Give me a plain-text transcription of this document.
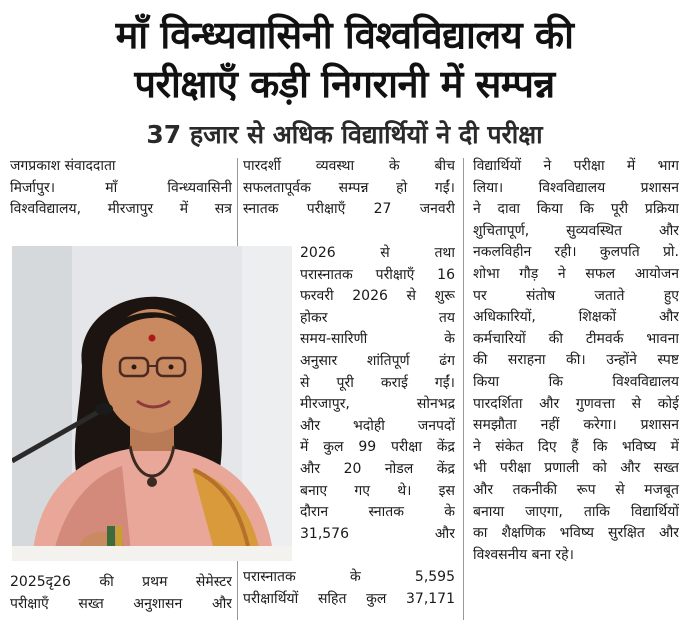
माँ विन्ध्यवासिनी विश्वविद्यालय की
परीक्षाएँ कड़ी निगरानी में सम्पन्न
37 हजार से अधिक विद्यार्थियों ने दी परीक्षा
जगप्रकाश संवाददाता
मिर्जापुर। माँ विन्ध्यवासिनी
विश्वविद्यालय, मीरजापुर में सत्र
2025दृ26 की प्रथम सेमेस्टर
परीक्षाएँ सख्त अनुशासन और
पारदर्शी व्यवस्था के बीच
सफलतापूर्वक सम्पन्न हो गईं।
स्नातक परीक्षाएँ 27 जनवरी
2026 से तथा
परास्नातक परीक्षाएँ 16
फरवरी 2026 से शुरू
होकर तय
समय-सारिणी के
अनुसार शांतिपूर्ण ढंग
से पूरी कराई गईं।
मीरजापुर, सोनभद्र
और भदोही जनपदों
में कुल 99 परीक्षा केंद्र
और 20 नोडल केंद्र
बनाए गए थे। इस
दौरान स्नातक के
31,576 और
परास्नातक के 5,595
परीक्षार्थियों सहित कुल 37,171
विद्यार्थियों ने परीक्षा में भाग
लिया। विश्वविद्यालय प्रशासन
ने दावा किया कि पूरी प्रक्रिया
शुचितापूर्ण, सुव्यवस्थित और
नकलविहीन रही। कुलपति प्रो.
शोभा गौड़ ने सफल आयोजन
पर संतोष जताते हुए
अधिकारियों, शिक्षकों और
कर्मचारियों की टीमवर्क भावना
की सराहना की। उन्होंने स्पष्ट
किया कि विश्वविद्यालय
पारदर्शिता और गुणवत्ता से कोई
समझौता नहीं करेगा। प्रशासन
ने संकेत दिए हैं कि भविष्य में
भी परीक्षा प्रणाली को और सख्त
और तकनीकी रूप से मजबूत
बनाया जाएगा, ताकि विद्यार्थियों
का शैक्षणिक भविष्य सुरक्षित और
विश्वसनीय बना रहे।
